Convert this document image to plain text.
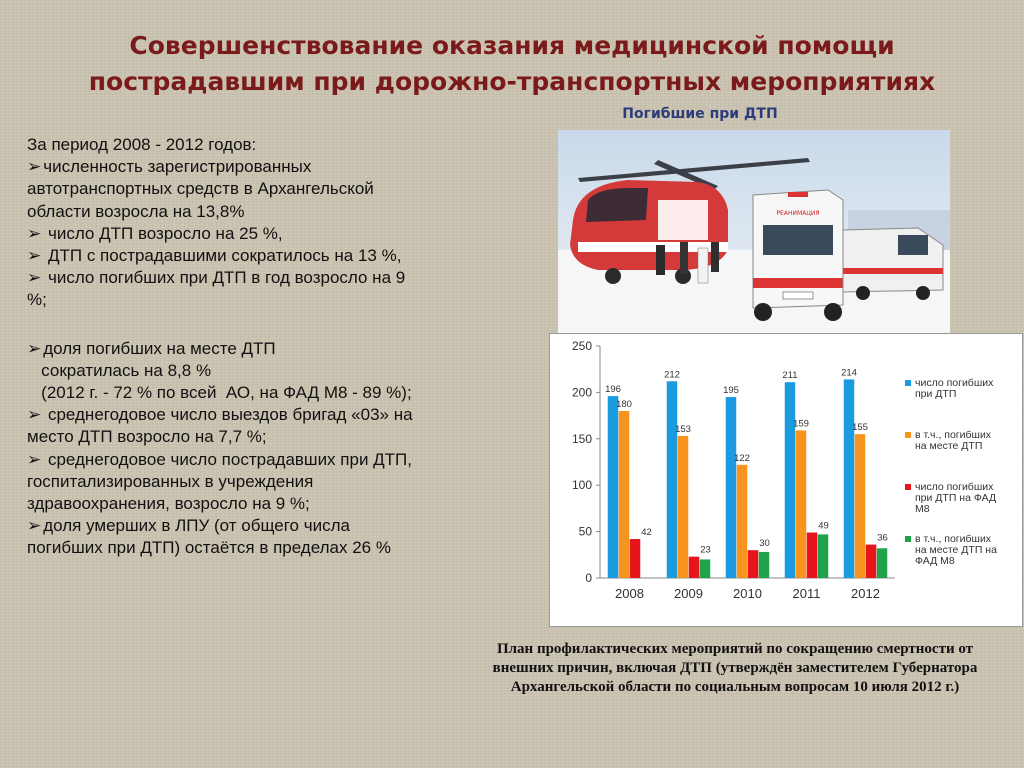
Совершенствование оказания медицинской помощи
пострадавшим при дорожно-транспортных мероприятиях
Погибшие при ДТП

За период 2008 - 2012 годов:

➢ численность зарегистрированных автотранспортных средств в Архангельской области возросла на 13,8%

➢ число ДТП возросло на 25 %,

➢ ДТП с пострадавшими сократилось на 13 %,

➢ число погибших при ДТП в год возросло на 9 %;

➢ доля погибших на месте ДТП

сократилась на 8,8 %

(2012 г. - 72 % по всей  АО, на ФАД М8 - 89 %);

➢ среднегодовое число выездов бригад «03» на место ДТП возросло на 7,7 %;

➢ среднегодовое число пострадавших при ДТП, госпитализированных в учреждения здравоохранения, возросло на 9 %;

➢ доля умерших в ЛПУ (от общего числа погибших при ДТП) остаётся в пределах 26 %

РЕАНИМАЦИЯ
0
50
100
150
200
250
196
212
195
211	214
180
153
122
159	155
42
23
30
49
36
2008 2009 2010 2011 2012
число погибших при ДТП
в т.ч., погибших на месте ДТП
число погибших при ДТП на ФАД М8
в т.ч., погибших на месте ДТП на ФАД М8
План профилактических мероприятий по сокращению смертности от внешних причин, включая ДТП (утверждён заместителем Губернатора Архангельской области по социальным вопросам 10 июля 2012 г.)
